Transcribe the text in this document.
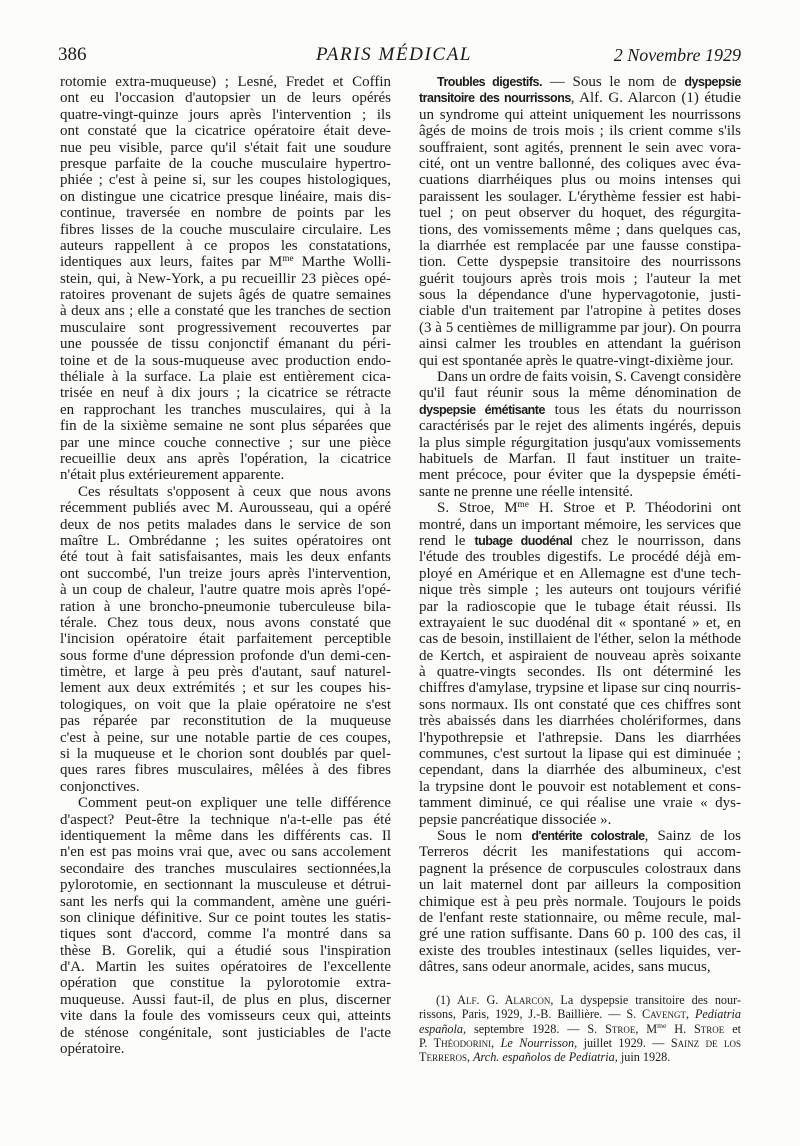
386	PARIS MÉDICAL	2 Novembre 1929
rotomie extra-muqueuse) ; Lesné, Fredet et Coffin
ont eu l'occasion d'autopsier un de leurs opérés
quatre-vingt-quinze jours après l'intervention ; ils
ont constaté que la cicatrice opératoire était deve-
nue peu visible, parce qu'il s'était fait une soudure
presque parfaite de la couche musculaire hypertro-
phiée ; c'est à peine si, sur les coupes histologiques,
on distingue une cicatrice presque linéaire, mais dis-
continue, traversée en nombre de points par les
fibres lisses de la couche musculaire circulaire. Les
auteurs rappellent à ce propos les constatations,
identiques aux leurs, faites par $M^{me}$ Marthe Wolli-
stein, qui, à New-York, a pu recueillir 23 pièces opé-
ratoires provenant de sujets âgés de quatre semaines
à deux ans ; elle a constaté que les tranches de section
musculaire sont progressivement recouvertes par
une poussée de tissu conjonctif émanant du péri-
toine et de la sous-muqueuse avec production endo-
théliale à la surface. La plaie est entièrement cica-
trisée en neuf à dix jours ; la cicatrice se rétracte
en rapprochant les tranches musculaires, qui à la
fin de la sixième semaine ne sont plus séparées que
par une mince couche connective ; sur une pièce
recueillie deux ans après l'opération, la cicatrice
n'était plus extérieurement apparente.
Ces résultats s'opposent à ceux que nous avons
récemment publiés avec M. Aurousseau, qui a opéré
deux de nos petits malades dans le service de son
maître L. Ombrédanne ; les suites opératoires ont
été tout à fait satisfaisantes, mais les deux enfants
ont succombé, l'un treize jours après l'intervention,
à un coup de chaleur, l'autre quatre mois après l'opé-
ration à une broncho-pneumonie tuberculeuse bila-
térale. Chez tous deux, nous avons constaté que
l'incision opératoire était parfaitement perceptible
sous forme d'une dépression profonde d'un demi-cen-
timètre, et large à peu près d'autant, sauf naturel-
lement aux deux extrémités ; et sur les coupes his-
tologiques, on voit que la plaie opératoire ne s'est
pas réparée par reconstitution de la muqueuse
c'est à peine, sur une notable partie de ces coupes,
si la muqueuse et le chorion sont doublés par quel-
ques rares fibres musculaires, mêlées à des fibres
conjonctives.
Comment peut-on expliquer une telle différence
d'aspect? Peut-être la technique n'a-t-elle pas été
identiquement la même dans les différents cas. Il
n'en est pas moins vrai que, avec ou sans accolement
secondaire des tranches musculaires sectionnées,la
pylorotomie, en sectionnant la musculeuse et détrui-
sant les nerfs qui la commandent, amène une guéri-
son clinique définitive. Sur ce point toutes les statis-
tiques sont d'accord, comme l'a montré dans sa
thèse B. Gorelik, qui a étudié sous l'inspiration
d'A. Martin les suites opératoires de l'excellente
opération que constitue la pylorotomie extra-
muqueuse. Aussi faut-il, de plus en plus, discerner
vite dans la foule des vomisseurs ceux qui, atteints
de sténose congénitale, sont justiciables de l'acte
opératoire.
Troubles digestifs. — Sous le nom de dyspepsie
transitoire des nourrissons, Alf. G. Alarcon (1) étudie
un syndrome qui atteint uniquement les nourrissons
âgés de moins de trois mois ; ils crient comme s'ils
souffraient, sont agités, prennent le sein avec vora-
cité, ont un ventre ballonné, des coliques avec éva-
cuations diarrhéiques plus ou moins intenses qui
paraissent les soulager. L'érythème fessier est habi-
tuel ; on peut observer du hoquet, des régurgita-
tions, des vomissements même ; dans quelques cas,
la diarrhée est remplacée par une fausse constipa-
tion. Cette dyspepsie transitoire des nourrissons
guérit toujours après trois mois ; l'auteur la met
sous la dépendance d'une hypervagotonie, justi-
ciable d'un traitement par l'atropine à petites doses
(3 à 5 centièmes de milligramme par jour). On pourra
ainsi calmer les troubles en attendant la guérison
qui est spontanée après le quatre-vingt-dixième jour.
Dans un ordre de faits voisin, S. Cavengt considère
qu'il faut réunir sous la même dénomination de
dyspepsie émétisante tous les états du nourrisson
caractérisés par le rejet des aliments ingérés, depuis
la plus simple régurgitation jusqu'aux vomissements
habituels de Marfan. Il faut instituer un traite-
ment précoce, pour éviter que la dyspepsie éméti-
sante ne prenne une réelle intensité.
S. Stroe, $M^{me}$ H. Stroe et P. Théodorini ont
montré, dans un important mémoire, les services que
rend le tubage duodénal chez le nourrisson, dans
l'étude des troubles digestifs. Le procédé déjà em-
ployé en Amérique et en Allemagne est d'une tech-
nique très simple ; les auteurs ont toujours vérifié
par la radioscopie que le tubage était réussi. Ils
extrayaient le suc duodénal dit « spontané » et, en
cas de besoin, instillaient de l'éther, selon la méthode
de Kertch, et aspiraient de nouveau après soixante
à quatre-vingts secondes. Ils ont déterminé les
chiffres d'amylase, trypsine et lipase sur cinq nourris-
sons normaux. Ils ont constaté que ces chiffres sont
très abaissés dans les diarrhées cholériformes, dans
l'hypothrepsie et l'athrepsie. Dans les diarrhées
communes, c'est surtout la lipase qui est diminuée ;
cependant, dans la diarrhée des albumineux, c'est
la trypsine dont le pouvoir est notablement et cons-
tamment diminué, ce qui réalise une vraie « dys-
pepsie pancréatique dissociée ».
Sous le nom d'entérite colostrale, Sainz de los
Terreros décrit les manifestations qui accom-
pagnent la présence de corpuscules colostraux dans
un lait maternel dont par ailleurs la composition
chimique est à peu près normale. Toujours le poids
de l'enfant reste stationnaire, ou même recule, mal-
gré une ration suffisante. Dans 60 p. 100 des cas, il
existe des troubles intestinaux (selles liquides, ver-
dâtres, sans odeur anormale, acides, sans mucus,
(1) Alf. G. Alarcon, La dyspepsie transitoire des nour-
rissons, Paris, 1929, J.-B. Baillière. — S. Cavengt, Pediatria
española, septembre 1928. — S. Stroe, $M^{me}$ H. Stroe et
P. Théodorini, Le Nourrisson, juillet 1929. — Sainz de los
Terreros, Arch. españolos de Pediatria, juin 1928.
